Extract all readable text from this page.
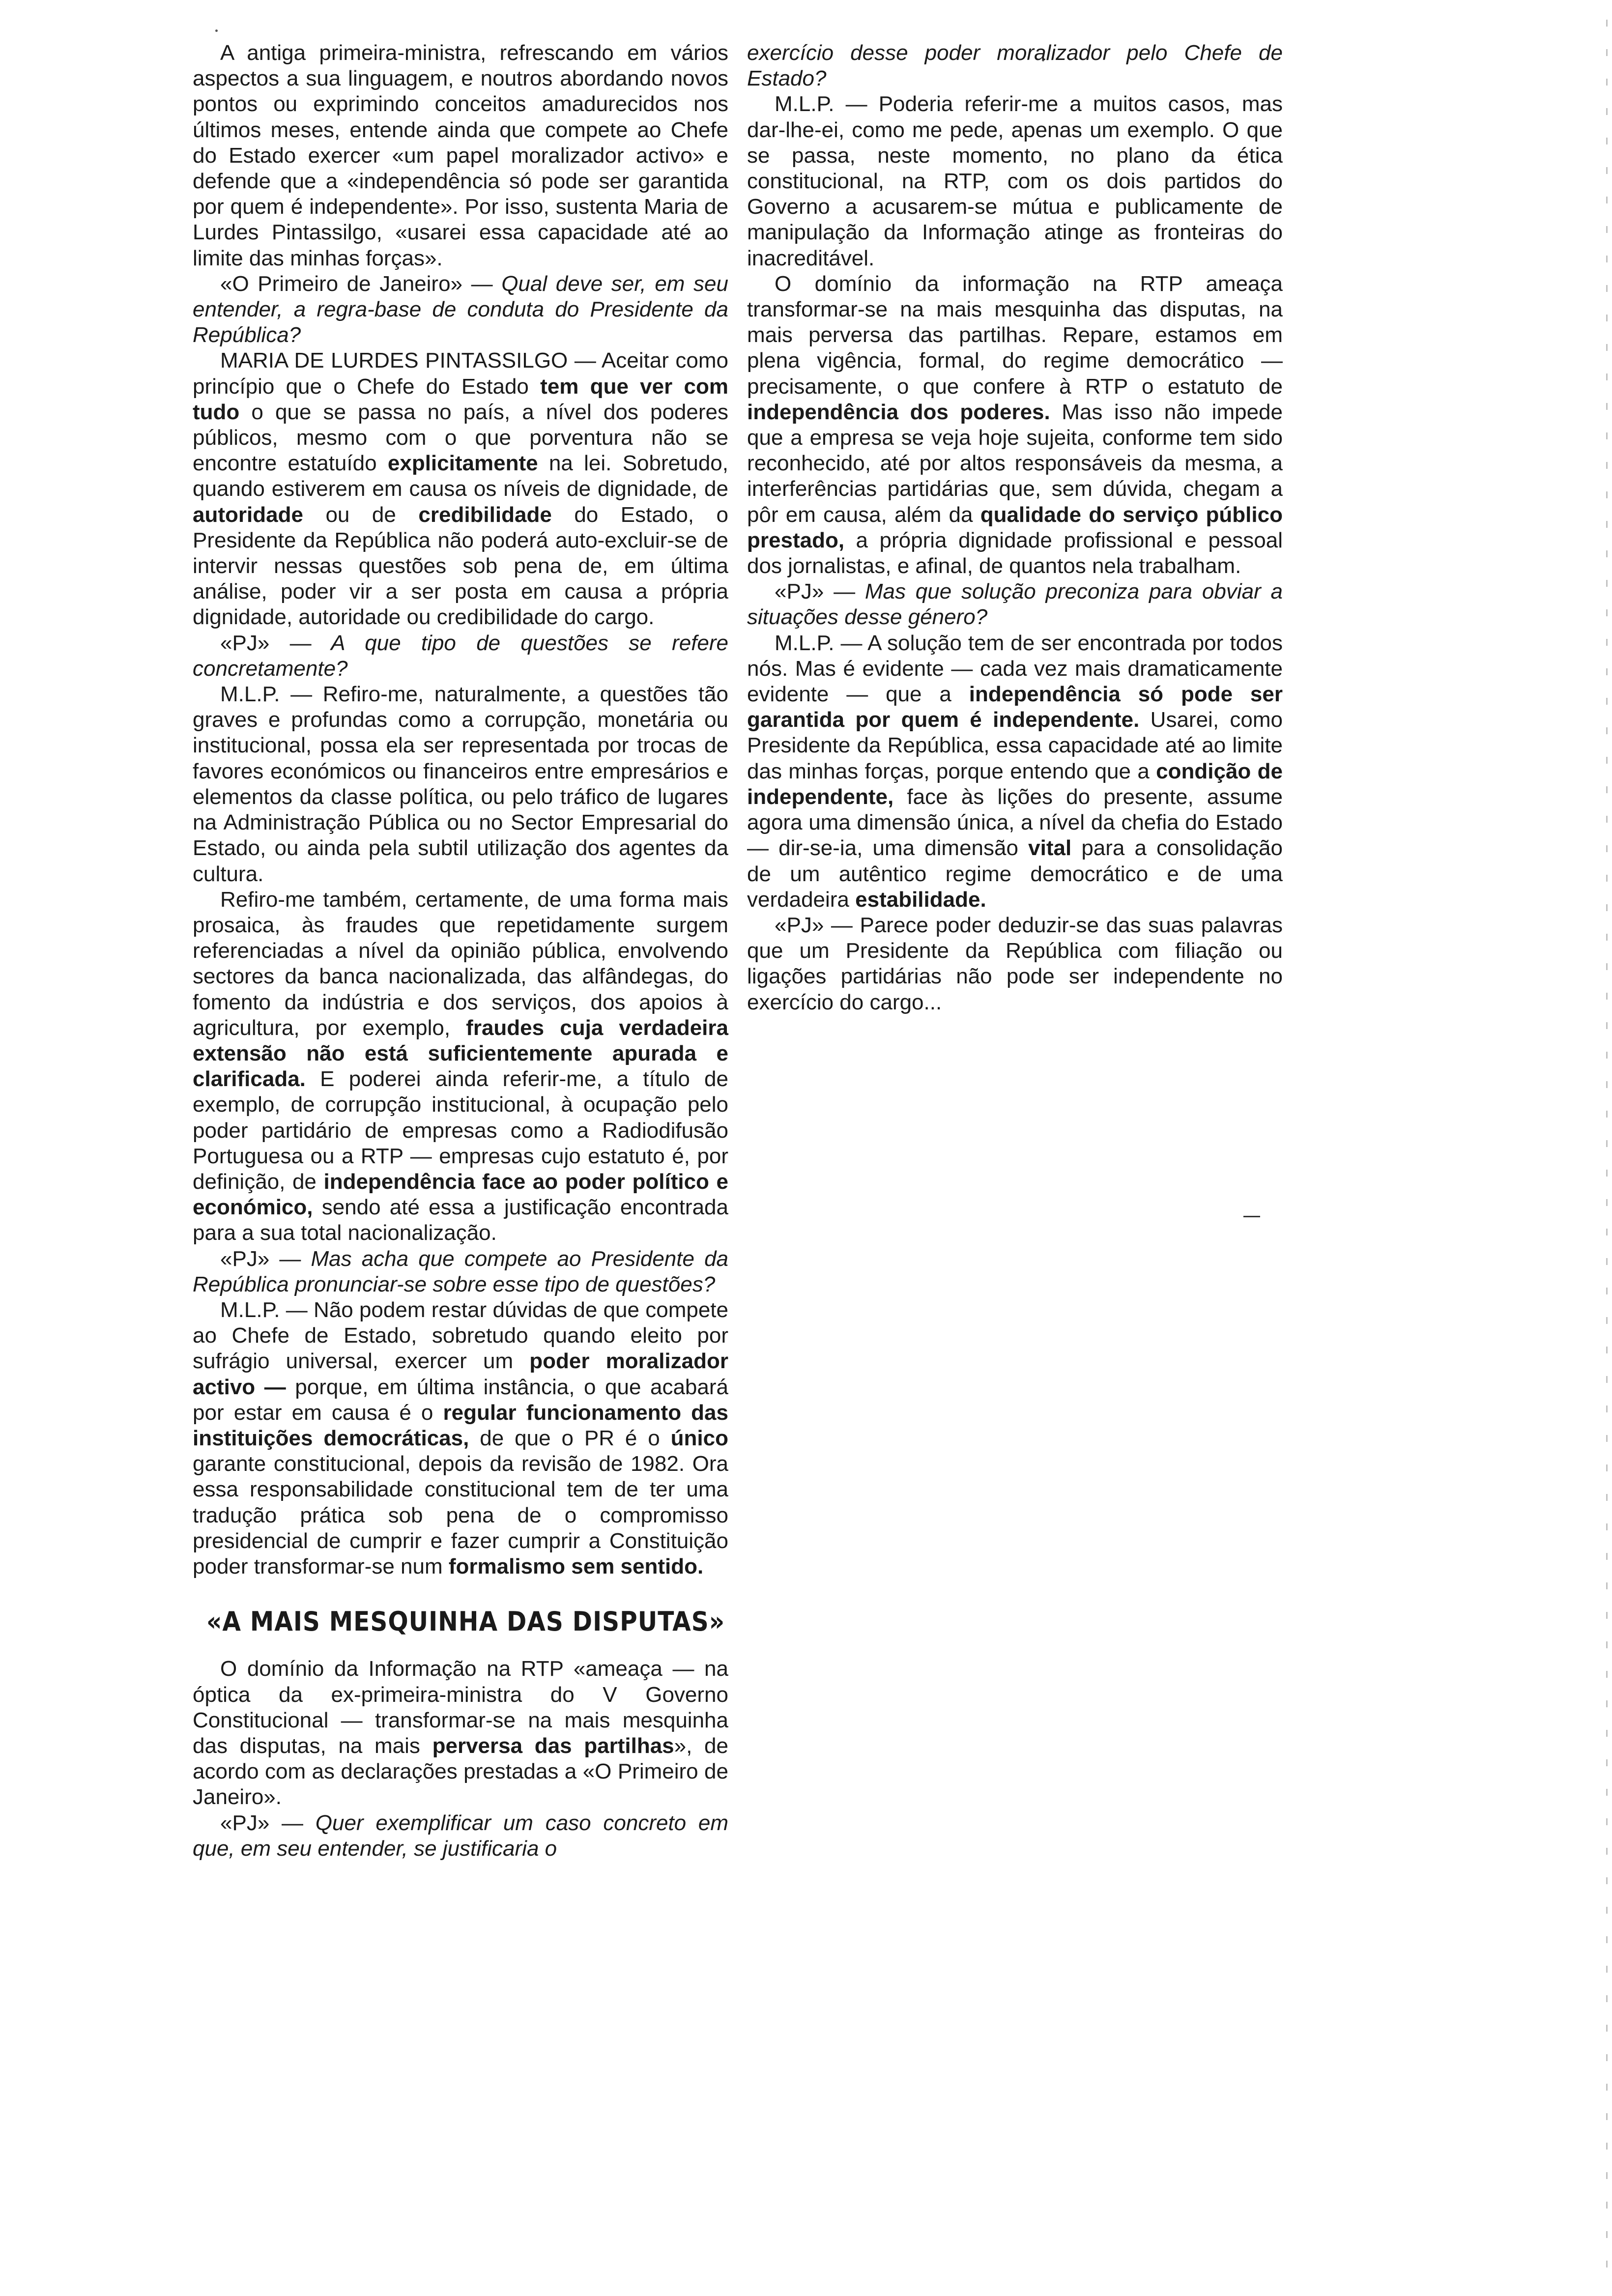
A antiga primeira-ministra, refrescando em vários aspectos a sua linguagem, e noutros abordando novos pontos ou exprimindo conceitos amadurecidos nos últimos meses, entende ainda que compete ao Chefe do Estado exercer «um papel moralizador activo» e defende que a «independência só pode ser garantida por quem é independente». Por isso, sustenta Maria de Lurdes Pintassilgo, «usarei essa capacidade até ao limite das minhas forças».

«O Primeiro de Janeiro» — Qual deve ser, em seu entender, a regra-base de conduta do Presidente da República?

MARIA DE LURDES PINTASSILGO — Aceitar como princípio que o Chefe do Estado tem que ver com tudo o que se passa no país, a nível dos poderes públicos, mesmo com o que porventura não se encontre estatuído explicitamente na lei. Sobretudo, quando estiverem em causa os níveis de dignidade, de autoridade ou de credibilidade do Estado, o Presidente da República não poderá auto-excluir-se de intervir nessas questões sob pena de, em última análise, poder vir a ser posta em causa a própria dignidade, autoridade ou credibilidade do cargo.

«PJ» — A que tipo de questões se refere concretamente?

M.L.P. — Refiro-me, naturalmente, a questões tão graves e profundas como a corrupção, monetária ou institucional, possa ela ser representada por trocas de favores económicos ou financeiros entre empresários e elementos da classe política, ou pelo tráfico de lugares na Administração Pública ou no Sector Empresarial do Estado, ou ainda pela subtil utilização dos agentes da cultura.

Refiro-me também, certamente, de uma forma mais prosaica, às fraudes que repetidamente surgem referenciadas a nível da opinião pública, envolvendo sectores da banca nacionalizada, das alfândegas, do fomento da indústria e dos serviços, dos apoios à agricultura, por exemplo, fraudes cuja verdadeira extensão não está suficientemente apurada e clarificada. E poderei ainda referir-me, a título de exemplo, de corrupção institucional, à ocupação pelo poder partidário de empresas como a Radiodifusão Portuguesa ou a RTP — empresas cujo estatuto é, por definição, de independência face ao poder político e económico, sendo até essa a justificação encontrada para a sua total nacionalização.

«PJ» — Mas acha que compete ao Presidente da República pronunciar-se sobre esse tipo de questões?

M.L.P. — Não podem restar dúvidas de que compete ao Chefe de Estado, sobretudo quando eleito por sufrágio universal, exercer um poder moralizador activo — porque, em última instância, o que acabará por estar em causa é o regular funcionamento das instituições democráticas, de que o PR é o único garante constitucional, depois da revisão de 1982. Ora essa responsabilidade constitucional tem de ter uma tradução prática sob pena de o compromisso presidencial de cumprir e fazer cumprir a Constituição poder transformar-se num formalismo sem sentido.

«A MAIS MESQUINHA DAS DISPUTAS»

O domínio da Informação na RTP «ameaça — na óptica da ex-primeira-ministra do V Governo Constitucional — transformar-se na mais mesquinha das disputas, na mais perversa das partilhas», de acordo com as declarações prestadas a «O Primeiro de Janeiro».

«PJ» — Quer exemplificar um caso concreto em que, em seu entender, se justificaria o

exercício desse poder moralizador pelo Chefe de Estado?

M.L.P. — Poderia referir-me a muitos casos, mas dar-lhe-ei, como me pede, apenas um exemplo. O que se passa, neste momento, no plano da ética constitucional, na RTP, com os dois partidos do Governo a acusarem-se mútua e publicamente de manipulação da Informação atinge as fronteiras do inacreditável.

O domínio da informação na RTP ameaça transformar-se na mais mesquinha das disputas, na mais perversa das partilhas. Repare, estamos em plena vigência, formal, do regime democrático — precisamente, o que confere à RTP o estatuto de independência dos poderes. Mas isso não impede que a empresa se veja hoje sujeita, conforme tem sido reconhecido, até por altos responsáveis da mesma, a interferências partidárias que, sem dúvida, chegam a pôr em causa, além da qualidade do serviço público prestado, a própria dignidade profissional e pessoal dos jornalistas, e afinal, de quantos nela trabalham.

«PJ» — Mas que solução preconiza para obviar a situações desse género?

M.L.P. — A solução tem de ser encontrada por todos nós. Mas é evidente — cada vez mais dramaticamente evidente — que a independência só pode ser garantida por quem é independente. Usarei, como Presidente da República, essa capacidade até ao limite das minhas forças, porque entendo que a condição de independente, face às lições do presente, assume agora uma dimensão única, a nível da chefia do Estado — dir-se-ia, uma dimensão vital para a consolidação de um autêntico regime democrático e de uma verdadeira estabilidade.

«PJ» — Parece poder deduzir-se das suas palavras que um Presidente da República com filiação ou ligações partidárias não pode ser independente no exercício do cargo...
